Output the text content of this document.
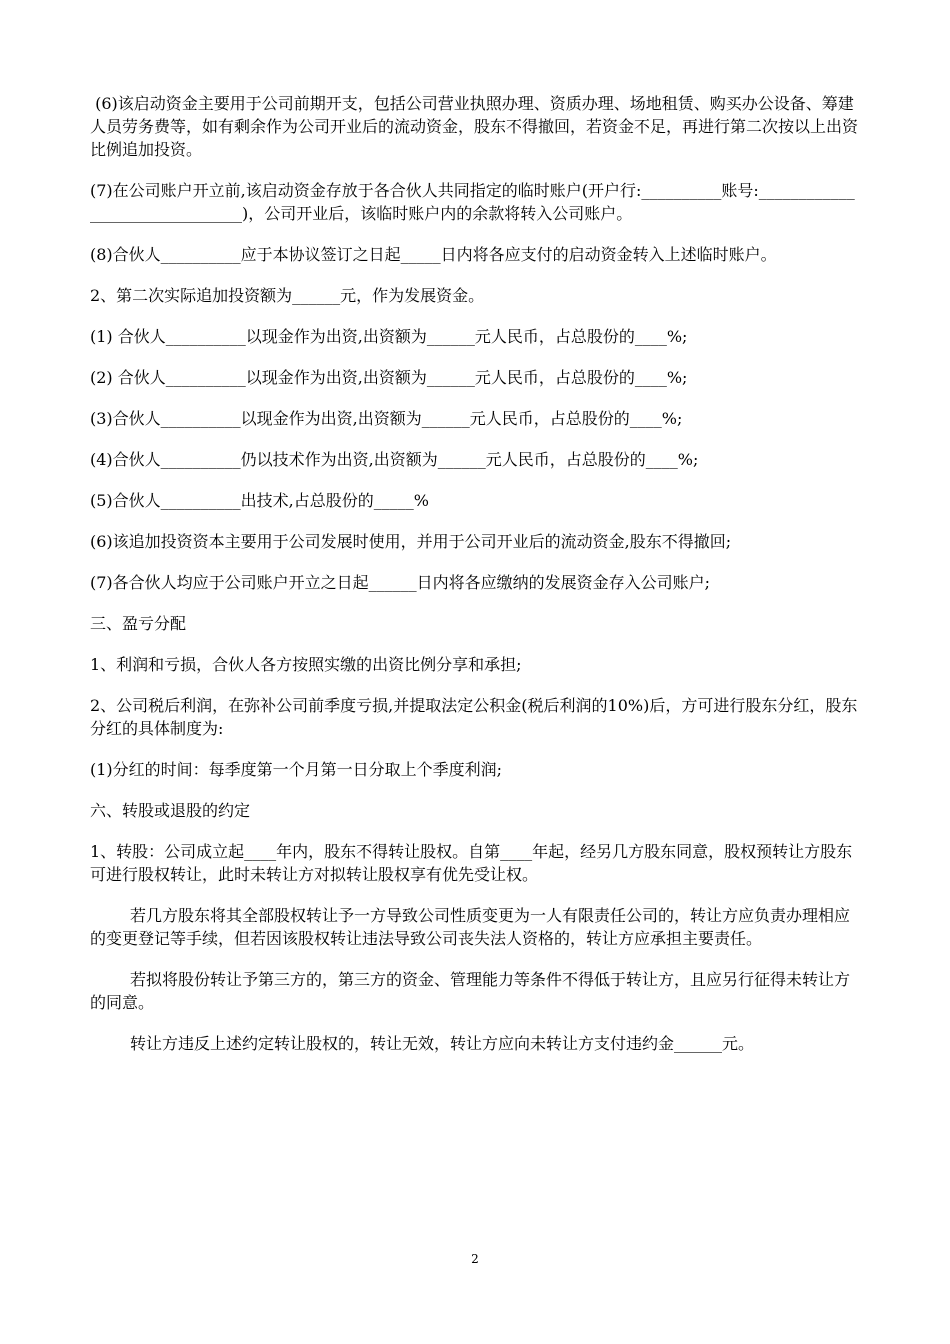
(6)该启动资金主要用于公司前期开支，包括公司营业执照办理、资质办理、场地租赁、购买办公设备、筹建人员劳务费等，如有剩余作为公司开业后的流动资金，股东不得撤回，若资金不足，再进行第二次按以上出资比例追加投资。

(7)在公司账户开立前,该启动资金存放于各合伙人共同指定的临时账户(开户行:__________账号:_______________________________)，公司开业后，该临时账户内的余款将转入公司账户。

(8)合伙人__________应于本协议签订之日起_____日内将各应支付的启动资金转入上述临时账户。

2、第二次实际追加投资额为______元，作为发展资金。

(1) 合伙人__________以现金作为出资,出资额为______元人民币，占总股份的____%;

(2) 合伙人__________以现金作为出资,出资额为______元人民币，占总股份的____%;

(3)合伙人__________以现金作为出资,出资额为______元人民币，占总股份的____%;

(4)合伙人__________仍以技术作为出资,出资额为______元人民币，占总股份的____%;

(5)合伙人__________出技术,占总股份的_____%

(6)该追加投资资本主要用于公司发展时使用，并用于公司开业后的流动资金,股东不得撤回;

(7)各合伙人均应于公司账户开立之日起______日内将各应缴纳的发展资金存入公司账户;

三、盈亏分配

1、利润和亏损，合伙人各方按照实缴的出资比例分享和承担;

2、公司税后利润，在弥补公司前季度亏损,并提取法定公积金(税后利润的10%)后，方可进行股东分红，股东分红的具体制度为:

(1)分红的时间：每季度第一个月第一日分取上个季度利润;

六、转股或退股的约定

1、转股：公司成立起____年内，股东不得转让股权。自第____年起，经另几方股东同意，股权预转让方股东可进行股权转让，此时未转让方对拟转让股权享有优先受让权。

若几方股东将其全部股权转让予一方导致公司性质变更为一人有限责任公司的，转让方应负责办理相应的变更登记等手续，但若因该股权转让违法导致公司丧失法人资格的，转让方应承担主要责任。

若拟将股份转让予第三方的，第三方的资金、管理能力等条件不得低于转让方，且应另行征得未转让方的同意。

转让方违反上述约定转让股权的，转让无效，转让方应向未转让方支付违约金______元。

2
